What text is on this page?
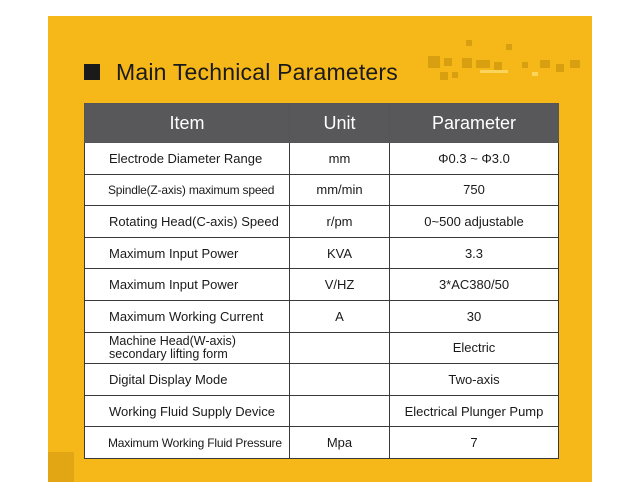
Main Technical Parameters
Item	Unit	Parameter
Electrode Diameter Range	mm	Φ0.3 ~ Φ3.0
Spindle(Z-axis) maximum speed	mm/min	750
Rotating Head(C-axis) Speed	r/pm	0~500 adjustable
Maximum Input Power	KVA	3.3
Maximum Input Power	V/HZ	3*AC380/50
Maximum Working Current	A	30

Machine Head(W-axis)
secondary lifting form		Electric
Digital Display Mode		Two-axis
Working Fluid Supply Device		Electrical Plunger Pump
Maximum Working Fluid Pressure	Mpa	7
